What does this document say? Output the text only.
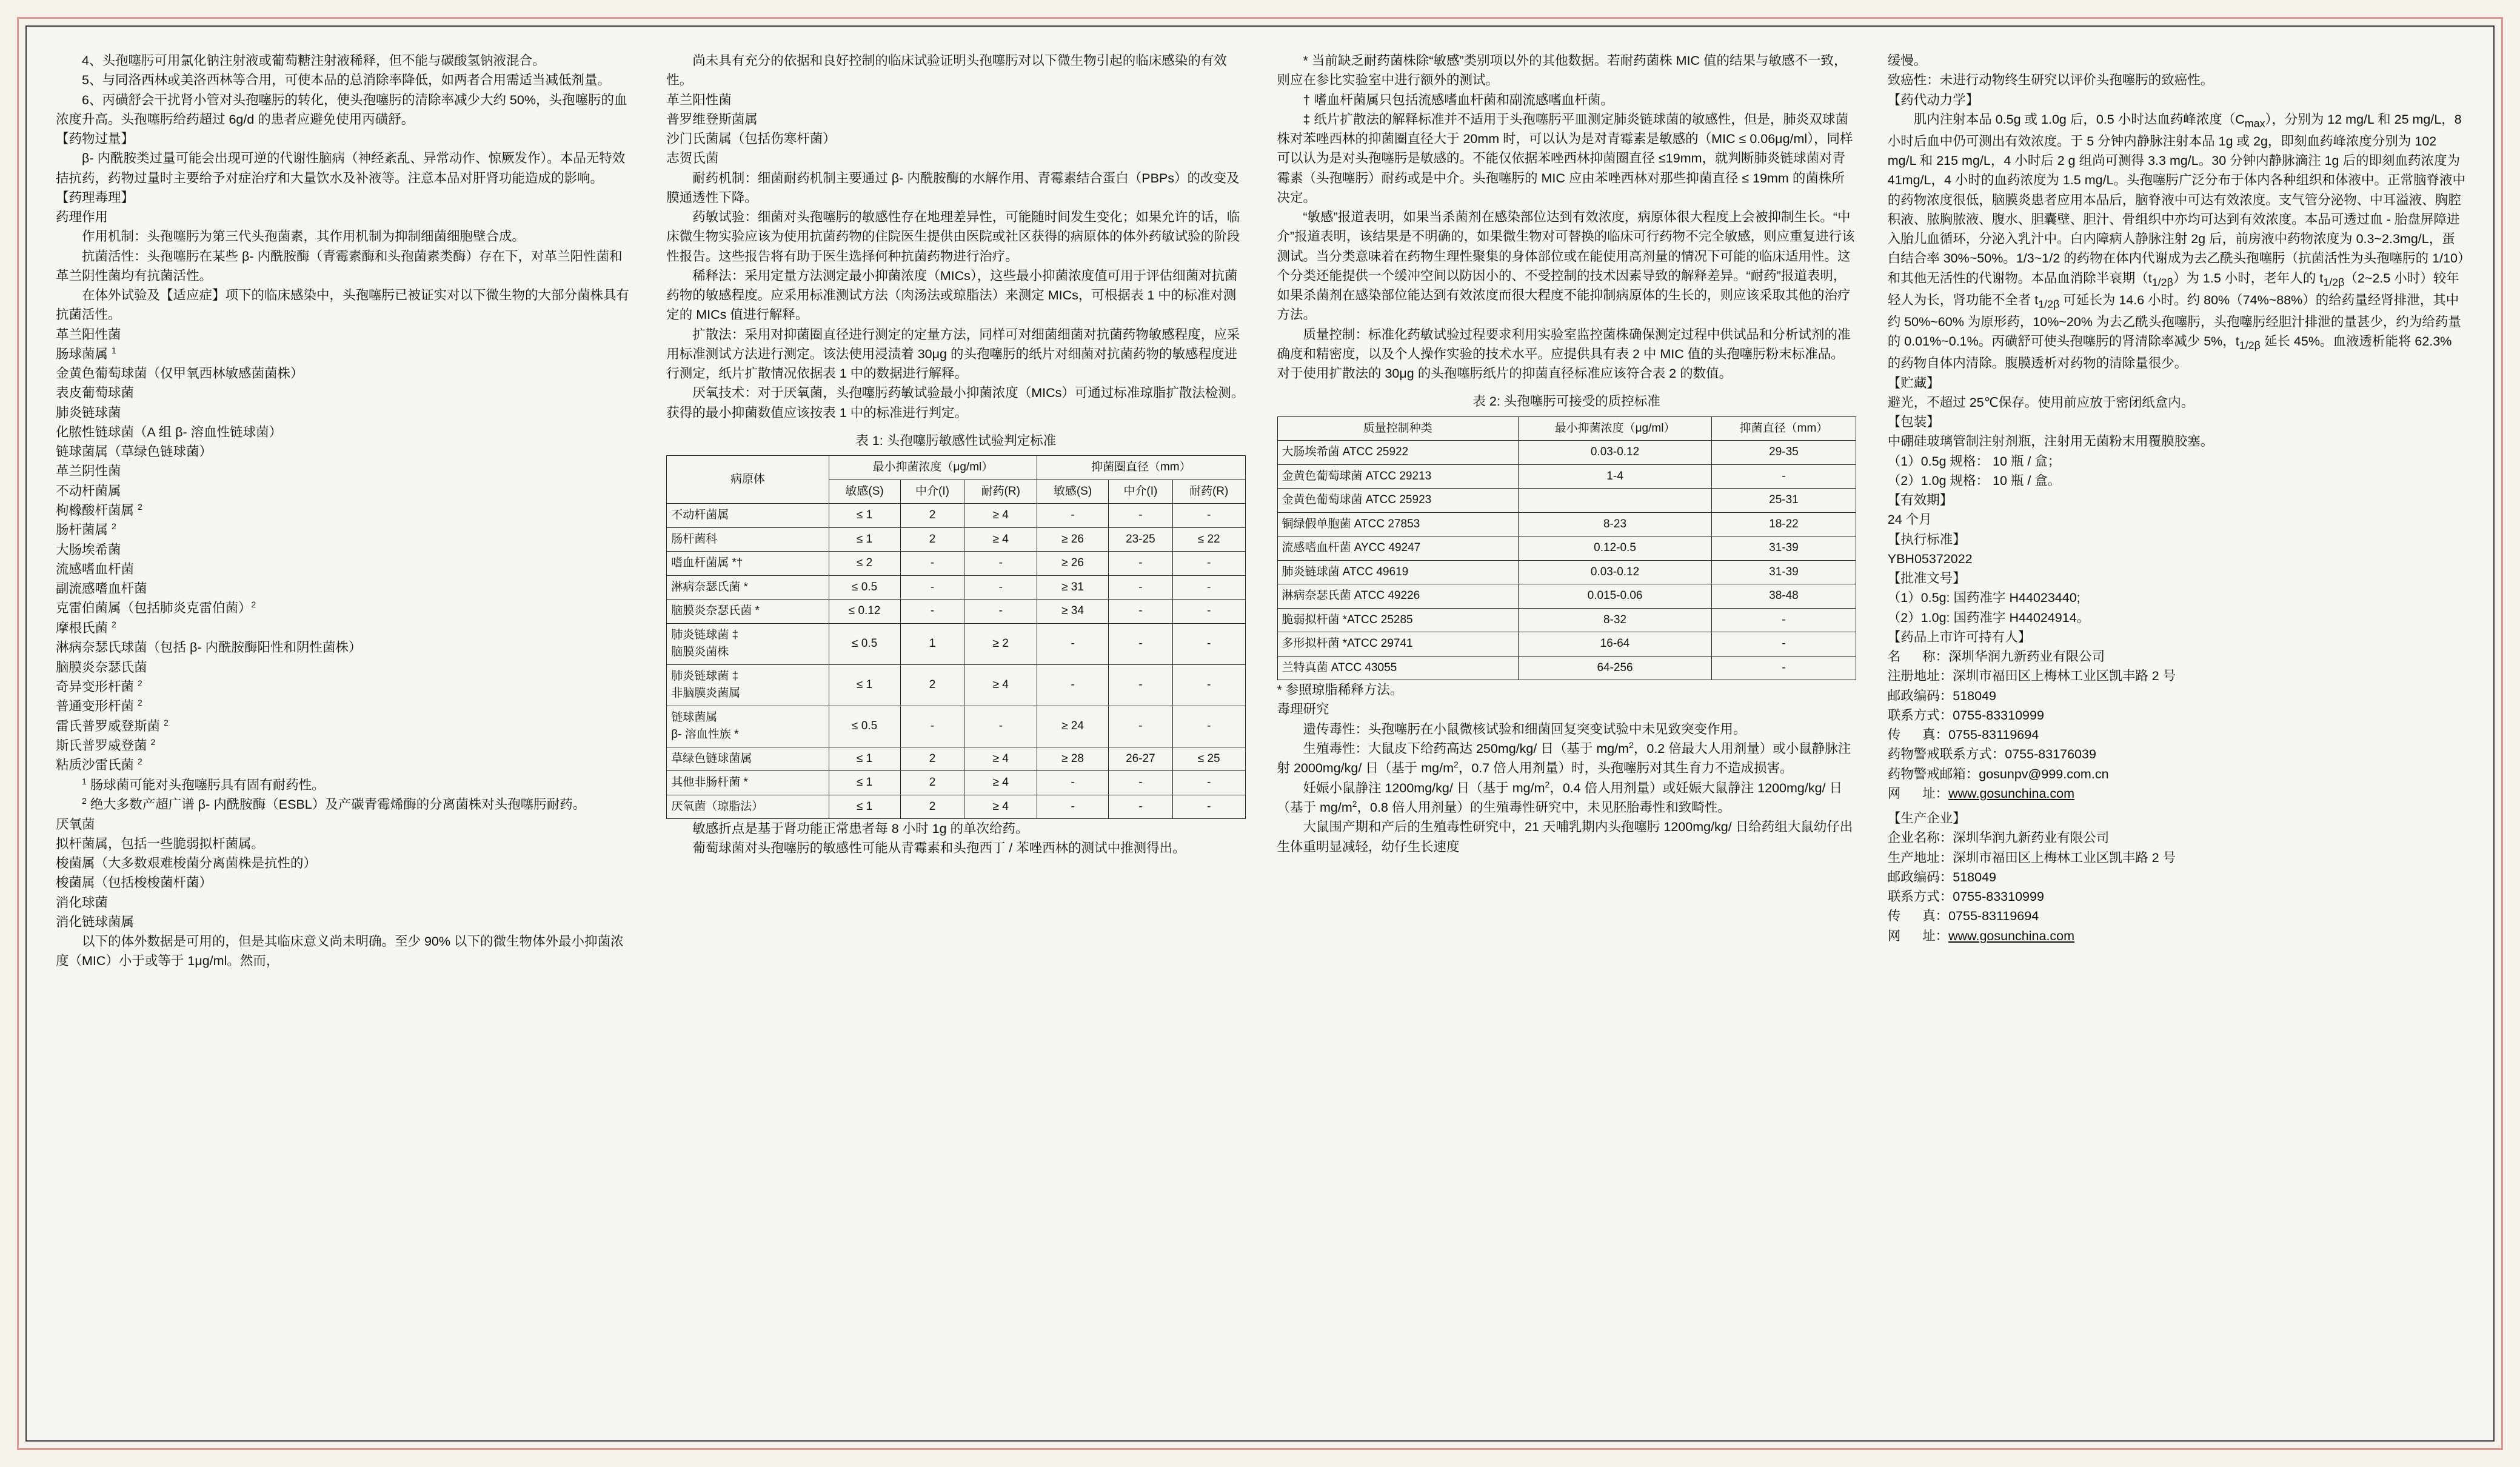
4、头孢噻肟可用氯化钠注射液或葡萄糖注射液稀释，但不能与碳酸氢钠液混合。

5、与同洛西林或美洛西林等合用，可使本品的总消除率降低，如两者合用需适当减低剂量。

6、丙磺舒会干扰肾小管对头孢噻肟的转化，使头孢噻肟的清除率减少大约 50%，头孢噻肟的血浓度升高。头孢噻肟给药超过 6g/d 的患者应避免使用丙磺舒。

【药物过量】

β- 内酰胺类过量可能会出现可逆的代谢性脑病（神经紊乱、异常动作、惊厥发作）。本品无特效拮抗药，药物过量时主要给予对症治疗和大量饮水及补液等。注意本品对肝肾功能造成的影响。

【药理毒理】

药理作用

作用机制：头孢噻肟为第三代头孢菌素，其作用机制为抑制细菌细胞壁合成。

抗菌活性：头孢噻肟在某些 β- 内酰胺酶（青霉素酶和头孢菌素类酶）存在下，对革兰阳性菌和革兰阴性菌均有抗菌活性。

在体外试验及【适应症】项下的临床感染中，头孢噻肟已被证实对以下微生物的大部分菌株具有抗菌活性。

革兰阳性菌

肠球菌属 $^1$

金黄色葡萄球菌（仅甲氧西林敏感菌菌株）

表皮葡萄球菌

肺炎链球菌

化脓性链球菌（A 组 β- 溶血性链球菌）

链球菌属（草绿色链球菌）

革兰阴性菌

不动杆菌属

枸橼酸杆菌属 $^2$

肠杆菌属 $^2$

大肠埃希菌

流感嗜血杆菌

副流感嗜血杆菌

克雷伯菌属（包括肺炎克雷伯菌）$^2$

摩根氏菌 $^2$

淋病奈瑟氏球菌（包括 β- 内酰胺酶阳性和阴性菌株）

脑膜炎奈瑟氏菌

奇异变形杆菌 $^2$

普通变形杆菌 $^2$

雷氏普罗威登斯菌 $^2$

斯氏普罗威登菌 $^2$

粘质沙雷氏菌 $^2$

$^1$ 肠球菌可能对头孢噻肟具有固有耐药性。

$^2$ 绝大多数产超广谱 β- 内酰胺酶（ESBL）及产碳青霉烯酶的分离菌株对头孢噻肟耐药。

厌氧菌

拟杆菌属，包括一些脆弱拟杆菌属。

梭菌属（大多数艰难梭菌分离菌株是抗性的）

梭菌属（包括梭梭菌杆菌）

消化球菌

消化链球菌属

以下的体外数据是可用的，但是其临床意义尚未明确。至少 90% 以下的微生物体外最小抑菌浓度（MIC）小于或等于 1μg/ml。然而，

尚未具有充分的依据和良好控制的临床试验证明头孢噻肟对以下微生物引起的临床感染的有效性。

革兰阳性菌

普罗维登斯菌属

沙门氏菌属（包括伤寒杆菌）

志贺氏菌

耐药机制：细菌耐药机制主要通过 β- 内酰胺酶的水解作用、青霉素结合蛋白（PBPs）的改变及膜通透性下降。

药敏试验：细菌对头孢噻肟的敏感性存在地理差异性，可能随时间发生变化；如果允许的话，临床微生物实验应该为使用抗菌药物的住院医生提供由医院或社区获得的病原体的体外药敏试验的阶段性报告。这些报告将有助于医生选择何种抗菌药物进行治疗。

稀释法：采用定量方法测定最小抑菌浓度（MICs），这些最小抑菌浓度值可用于评估细菌对抗菌药物的敏感程度。应采用标准测试方法（肉汤法或琼脂法）来测定 MICs，可根据表 1 中的标准对测定的 MICs 值进行解释。

扩散法：采用对抑菌圈直径进行测定的定量方法，同样可对细菌细菌对抗菌药物敏感程度，应采用标准测试方法进行测定。该法使用浸渍着 30μg 的头孢噻肟的纸片对细菌对抗菌药物的敏感程度进行测定，纸片扩散情况依据表 1 中的数据进行解释。

厌氧技术：对于厌氧菌，头孢噻肟药敏试验最小抑菌浓度（MICs）可通过标准琼脂扩散法检测。获得的最小抑菌数值应该按表 1 中的标准进行判定。

表 1: 头孢噻肟敏感性试验判定标准
病原体	最小抑菌浓度（μg/ml）			抑菌圈直径（mm）		
	敏感(S)	中介(I)	耐药(R)	敏感(S)	中介(I)	耐药(R)
不动杆菌属	≤ 1	2	≥ 4	-	-	-
肠杆菌科	≤ 1	2	≥ 4	≥ 26	23-25	≤ 22
嗜血杆菌属 *†	≤ 2	-	-	≥ 26	-	-
淋病奈瑟氏菌 *	≤ 0.5	-	-	≥ 31	-	-
脑膜炎奈瑟氏菌 *	≤ 0.12	-	-	≥ 34	-	-
肺炎链球菌 ‡
脑膜炎菌株	≤ 0.5	1	≥ 2	-	-	-
肺炎链球菌 ‡
非脑膜炎菌属	≤ 1	2	≥ 4	-	-	-
链球菌属
β- 溶血性族 *	≤ 0.5	-	-	≥ 24	-	-
草绿色链球菌属	≤ 1	2	≥ 4	≥ 28	26-27	≤ 25
其他非肠杆菌 *	≤ 1	2	≥ 4	-	-	-
厌氧菌（琼脂法）	≤ 1	2	≥ 4	-	-	-

敏感折点是基于肾功能正常患者每 8 小时 1g 的单次给药。

葡萄球菌对头孢噻肟的敏感性可能从青霉素和头孢西丁 / 苯唑西林的测试中推测得出。

* 当前缺乏耐药菌株除“敏感”类别项以外的其他数据。若耐药菌株 MIC 值的结果与敏感不一致，则应在参比实验室中进行额外的测试。

† 嗜血杆菌属只包括流感嗜血杆菌和副流感嗜血杆菌。

‡ 纸片扩散法的解释标准并不适用于头孢噻肟平皿测定肺炎链球菌的敏感性，但是，肺炎双球菌株对苯唑西林的抑菌圈直径大于 20mm 时，可以认为是对青霉素是敏感的（MIC ≤ 0.06μg/ml），同样可以认为是对头孢噻肟是敏感的。不能仅依据苯唑西林抑菌圈直径 ≤19mm，就判断肺炎链球菌对青霉素（头孢噻肟）耐药或是中介。头孢噻肟的 MIC 应由苯唑西林对那些抑菌直径 ≤ 19mm 的菌株所决定。

“敏感”报道表明，如果当杀菌剂在感染部位达到有效浓度，病原体很大程度上会被抑制生长。“中介”报道表明，该结果是不明确的，如果微生物对可替换的临床可行药物不完全敏感，则应重复进行该测试。当分类意味着在药物生理性聚集的身体部位或在能使用高剂量的情况下可能的临床适用性。这个分类还能提供一个缓冲空间以防因小的、不受控制的技术因素导致的解释差异。“耐药”报道表明，如果杀菌剂在感染部位能达到有效浓度而很大程度不能抑制病原体的生长的，则应该采取其他的治疗方法。

质量控制：标准化药敏试验过程要求利用实验室监控菌株确保测定过程中供试品和分析试剂的准确度和精密度，以及个人操作实验的技术水平。应提供具有表 2 中 MIC 值的头孢噻肟粉末标准品。对于使用扩散法的 30μg 的头孢噻肟纸片的抑菌直径标准应该符合表 2 的数值。

表 2: 头孢噻肟可接受的质控标准
质量控制种类	最小抑菌浓度（μg/ml）	抑菌直径（mm）
大肠埃希菌 ATCC 25922	0.03-0.12	29-35
金黄色葡萄球菌 ATCC 29213	1-4	-
金黄色葡萄球菌 ATCC 25923		25-31
铜绿假单胞菌 ATCC 27853	8-23	18-22
流感嗜血杆菌 AYCC 49247	0.12-0.5	31-39
肺炎链球菌 ATCC 49619	0.03-0.12	31-39
淋病奈瑟氏菌 ATCC 49226	0.015-0.06	38-48
脆弱拟杆菌 *ATCC 25285	8-32	-
多形拟杆菌 *ATCC 29741	16-64	-
兰特真菌 ATCC 43055	64-256	-

* 参照琼脂稀释方法。

毒理研究

遗传毒性：头孢噻肟在小鼠微核试验和细菌回复突变试验中未见致突变作用。

生殖毒性：大鼠皮下给药高达 250mg/kg/ 日（基于 $mg/m^2$，0.2 倍最大人用剂量）或小鼠静脉注射 2000mg/kg/ 日（基于 $mg/m^2$，0.7 倍人用剂量）时，头孢噻肟对其生育力不造成损害。

妊娠小鼠静注 1200mg/kg/ 日（基于 $mg/m^2$，0.4 倍人用剂量）或妊娠大鼠静注 1200mg/kg/ 日（基于 $mg/m^2$，0.8 倍人用剂量）的生殖毒性研究中，未见胚胎毒性和致畸性。

大鼠围产期和产后的生殖毒性研究中，21 天哺乳期内头孢噻肟 1200mg/kg/ 日给药组大鼠幼仔出生体重明显减轻，幼仔生长速度

缓慢。

致癌性：未进行动物终生研究以评价头孢噻肟的致癌性。

【药代动力学】

肌内注射本品 0.5g 或 1.0g 后，0.5 小时达血药峰浓度$(C_{max})$，分别为 12 mg/L 和 25 mg/L，8 小时后血中仍可测出有效浓度。于 5 分钟内静脉注射本品 1g 或 2g，即刻血药峰浓度分别为 102 mg/L 和 215 mg/L，4 小时后 2 g 组尚可测得 3.3 mg/L。30 分钟内静脉滴注 1g 后的即刻血药浓度为 41mg/L，4 小时的血药浓度为 1.5 mg/L。头孢噻肟广泛分布于体内各种组织和体液中。正常脑脊液中的药物浓度很低，脑膜炎患者应用本品后，脑脊液中可达有效浓度。支气管分泌物、中耳溢液、胸腔积液、脓胸脓液、腹水、胆囊壁、胆汁、骨组织中亦均可达到有效浓度。本品可透过血 - 胎盘屏障进入胎儿血循环，分泌入乳汁中。白内障病人静脉注射 2g 后，前房液中药物浓度为 0.3~2.3mg/L，蛋白结合率 30%~50%。1/3~1/2 的药物在体内代谢成为去乙酰头孢噻肟（抗菌活性为头孢噻肟的 1/10）和其他无活性的代谢物。本品血消除半衰期$(t_{1/2\beta})$为 1.5 小时，老年人的 $t_{1/2\beta}(2\sim 2.5$ 小时）较年轻人为长，肾功能不全者 $t_{1/2\beta}$ 可延长为 14.6 小时。约 80%（74%~88%）的给药量经肾排泄，其中约 50%~60% 为原形药，10%~20% 为去乙酰头孢噻肟，头孢噻肟经胆汁排泄的量甚少，约为给药量的 0.01%~0.1%。丙磺舒可使头孢噻肟的肾清除率减少 5%，$t_{1/2\beta}$ 延长 45%。血液透析能将 62.3% 的药物自体内清除。腹膜透析对药物的清除量很少。

【贮藏】

避光，不超过 25℃保存。使用前应放于密闭纸盒内。

【包装】

中硼硅玻璃管制注射剂瓶，注射用无菌粉末用覆膜胶塞。

（1）0.5g 规格： 10 瓶 / 盒；

（2）1.0g 规格： 10 瓶 / 盒。

【有效期】

24 个月

【执行标准】

YBH05372022

【批准文号】

（1）0.5g: 国药准字 H44023440;

（2）1.0g: 国药准字 H44024914。

【药品上市许可持有人】

名      称：深圳华润九新药业有限公司

注册地址：深圳市福田区上梅林工业区凯丰路 2 号

邮政编码：518049

联系方式：0755-83310999

传      真：0755-83119694

药物警戒联系方式：0755-83176039

药物警戒邮箱：gosunpv@999.com.cn

网      址：www.gosunchina.com

【生产企业】

企业名称：深圳华润九新药业有限公司

生产地址：深圳市福田区上梅林工业区凯丰路 2 号

邮政编码：518049

联系方式：0755-83310999

传      真：0755-83119694

网      址：www.gosunchina.com
